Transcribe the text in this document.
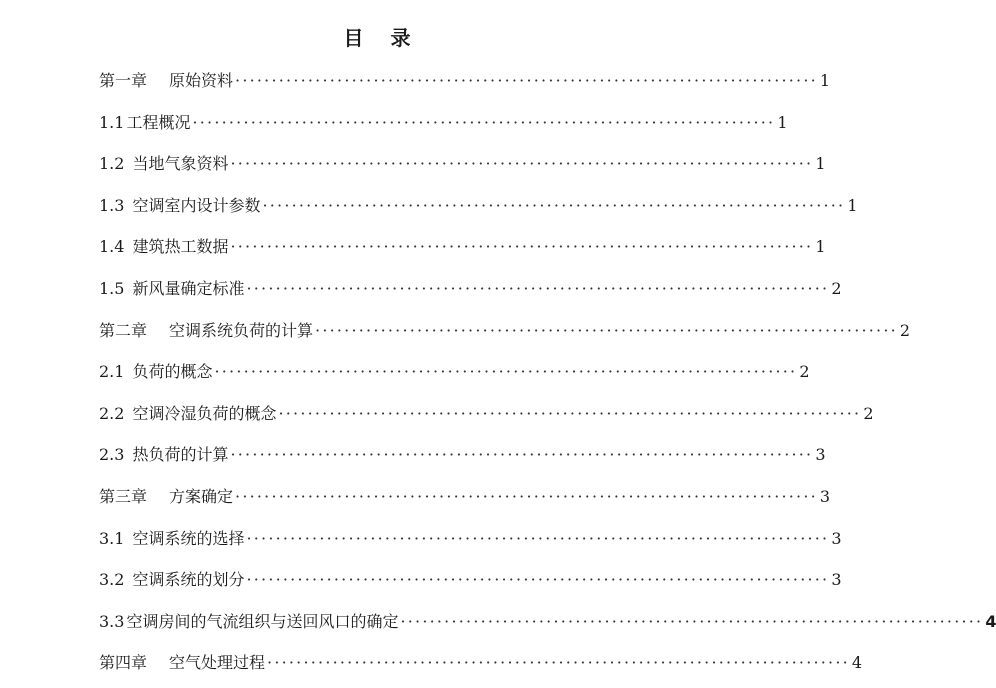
目 录
第一章 原始资料 ················································································ 1
1.1 工程概况 ················································································ 1
1.2 当地气象资料 ················································································ 1
1.3 空调室内设计参数 ················································································ 1
1.4 建筑热工数据 ················································································ 1
1.5 新风量确定标准 ················································································ 2
第二章 空调系统负荷的计算 ················································································ 2
2.1 负荷的概念 ················································································ 2
2.2 空调冷湿负荷的概念 ················································································ 2
2.3 热负荷的计算 ················································································ 3
第三章 方案确定 ················································································ 3
3.1 空调系统的选择 ················································································ 3
3.2 空调系统的划分 ················································································ 3
3.3 空调房间的气流组织与送回风口的确定 ················································································ 4
第四章 空气处理过程 ················································································ 4
